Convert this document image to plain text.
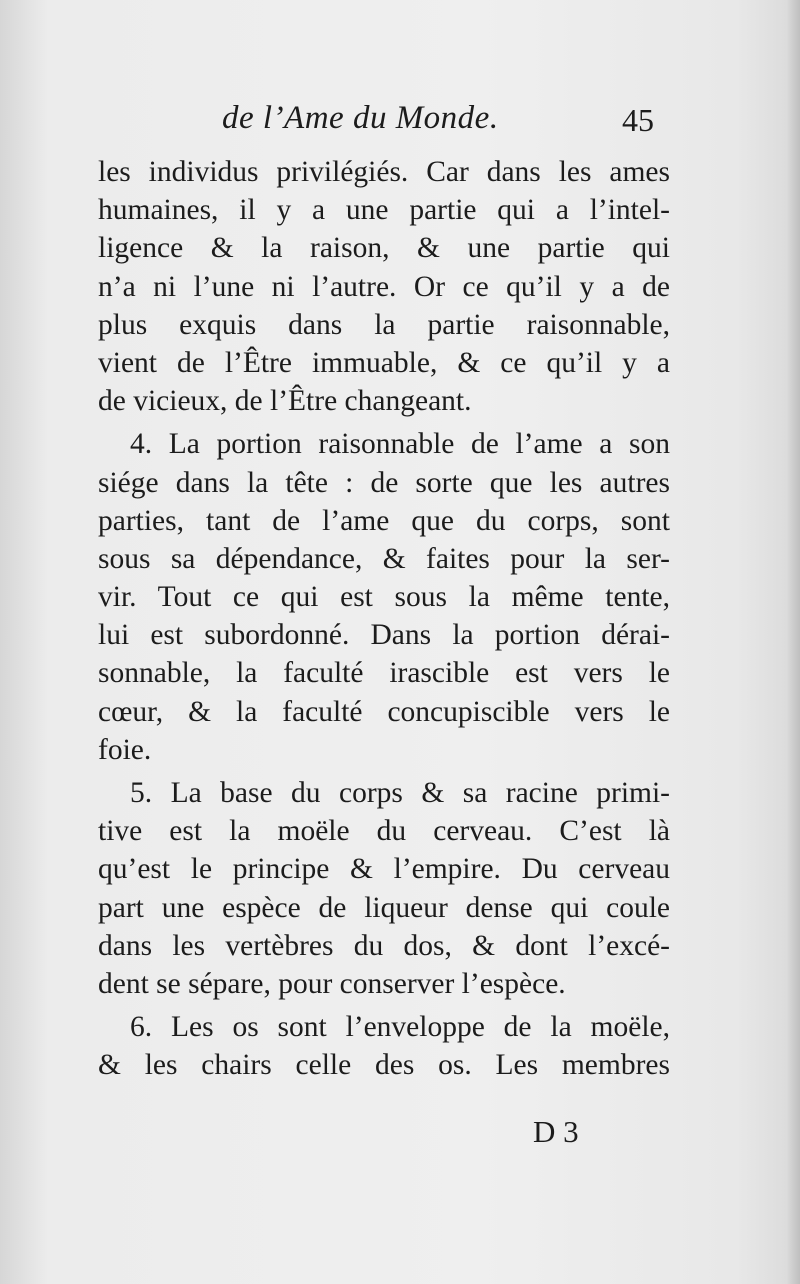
de l’Ame du Monde.	45
les individus privilégiés. Car dans les ames
humaines, il y a une partie qui a l’intel-
ligence & la raison, & une partie qui
n’a ni l’une ni l’autre. Or ce qu’il y a de
plus exquis dans la partie raisonnable,
vient de l’Être immuable, & ce qu’il y a
de vicieux, de l’Être changeant.
4. La portion raisonnable de l’ame a son
siége dans la tête : de sorte que les autres
parties, tant de l’ame que du corps, sont
sous sa dépendance, & faites pour la ser-
vir. Tout ce qui est sous la même tente,
lui est subordonné. Dans la portion dérai-
sonnable, la faculté irascible est vers le
cœur, & la faculté concupiscible vers le
foie.
5. La base du corps & sa racine primi-
tive est la moële du cerveau. C’est là
qu’est le principe & l’empire. Du cerveau
part une espèce de liqueur dense qui coule
dans les vertèbres du dos, & dont l’excé-
dent se sépare, pour conserver l’espèce.
6. Les os sont l’enveloppe de la moële,
& les chairs celle des os. Les membres
D 3
